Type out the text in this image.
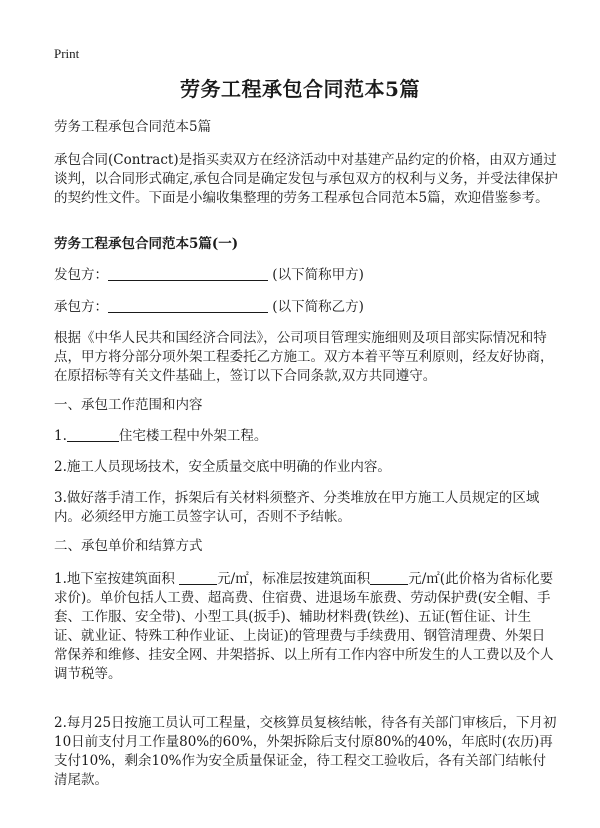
Print
劳务工程承包合同范本5篇

劳务工程承包合同范本5篇

承包合同(Contract)是指买卖双方在经济活动中对基建产品约定的价格，由双方通过谈判，以合同形式确定,承包合同是确定发包与承包双方的权利与义务，并受法律保护的契约性文件。下面是小编收集整理的劳务工程承包合同范本5篇，欢迎借鉴参考。

劳务工程承包合同范本5篇(一)

发包方：	(以下简称甲方)

承包方：	(以下简称乙方)

根据《中华人民共和国经济合同法》，公司项目管理实施细则及项目部实际情况和特点，甲方将分部分项外架工程委托乙方施工。双方本着平等互利原则，经友好协商，在原招标等有关文件基础上，签订以下合同条款,双方共同遵守。

一、承包工作范围和内容

1.	住宅楼工程中外架工程。

2.施工人员现场技术，安全质量交底中明确的作业内容。

3.做好落手清工作，拆架后有关材料须整齐、分类堆放在甲方施工人员规定的区域内。必须经甲方施工员签字认可，否则不予结帐。

二、承包单价和结算方式

1.地下室按建筑面积	元/㎡，标准层按建筑面积	元/㎡(此价格为省标化要求价)。单价包括人工费、超高费、住宿费、进退场车旅费、劳动保护费(安全帽、手套、工作服、安全带)、小型工具(扳手)、辅助材料费(铁丝)、五证(暂住证、计生证、就业证、特殊工种作业证、上岗证)的管理费与手续费用、钢管清理费、外架日常保养和维修、挂安全网、井架搭拆、以上所有工作内容中所发生的人工费以及个人调节税等。

2.每月25日按施工员认可工程量，交核算员复核结帐，待各有关部门审核后，下月初10日前支付月工作量80%的60%，外架拆除后支付原80%的40%，年底时(农历)再支付10%，剩余10%作为安全质量保证金，待工程交工验收后，各有关部门结帐付清尾款。
